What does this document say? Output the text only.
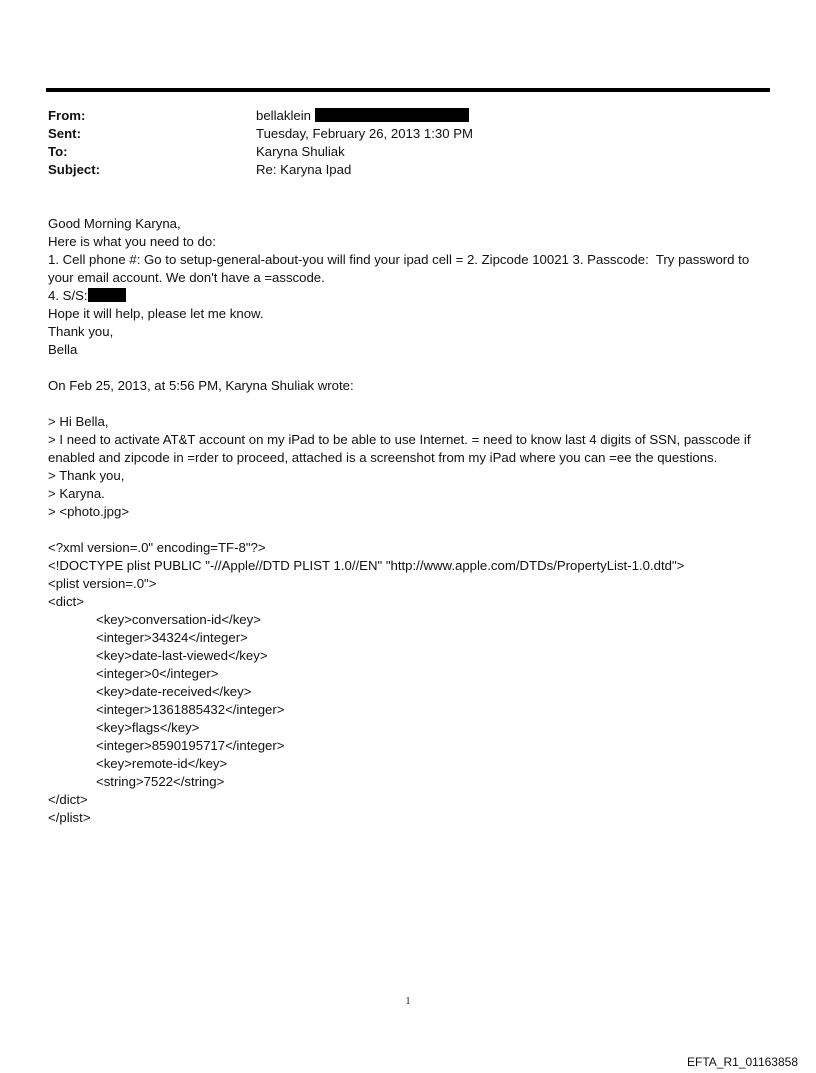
From:	bellaklein
Sent:	Tuesday, February 26, 2013 1:30 PM
To:	Karyna Shuliak
Subject:	Re: Karyna Ipad
Good Morning Karyna,
Here is what you need to do:
1. Cell phone #: Go to setup-general-about-you will find your ipad cell = 2. Zipcode 10021 3. Passcode:  Try password to your email account. We don't have a =asscode.
4. S/S:
Hope it will help, please let me know.
Thank you,
Bella
On Feb 25, 2013, at 5:56 PM, Karyna Shuliak wrote:
> Hi Bella,
> I need to activate AT&T account on my iPad to be able to use Internet. = need to know last 4 digits of SSN, passcode if enabled and zipcode in =rder to proceed, attached is a screenshot from my iPad where you can =ee the questions.
> Thank you,
> Karyna.
> <photo.jpg>
<?xml version=.0" encoding=TF-8"?>
<!DOCTYPE plist PUBLIC "-//Apple//DTD PLIST 1.0//EN" "http://www.apple.com/DTDs/PropertyList-1.0.dtd">
<plist version=.0">
<dict>
<key>conversation-id</key>
<integer>34324</integer>
<key>date-last-viewed</key>
<integer>0</integer>
<key>date-received</key>
<integer>1361885432</integer>
<key>flags</key>
<integer>8590195717</integer>
<key>remote-id</key>
<string>7522</string>
</dict>
</plist>
1
EFTA_R1_01163858
